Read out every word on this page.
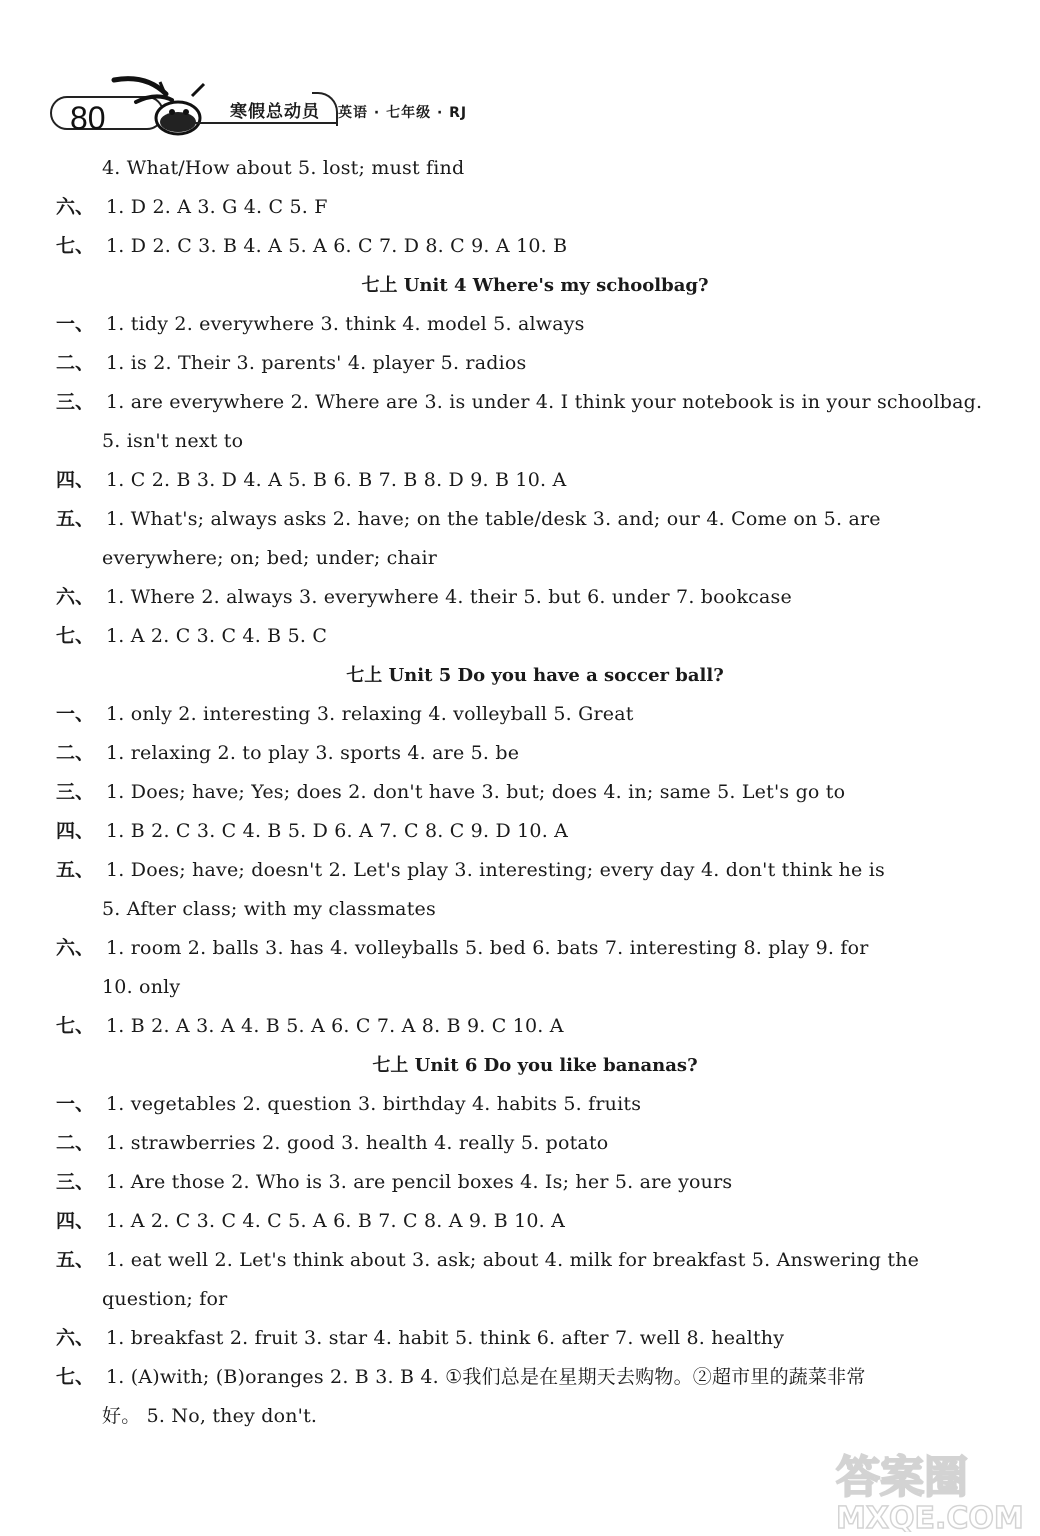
80	寒假总动员 英语 · 七年级 · RJ
4. What/How about 5. lost; must find
六、 1. D 2. A 3. G 4. C 5. F
七、 1. D 2. C 3. B 4. A 5. A 6. C 7. D 8. C 9. A 10. B
七上 Unit 4 Where's my schoolbag?
一、 1. tidy 2. everywhere 3. think 4. model 5. always
二、 1. is 2. Their 3. parents' 4. player 5. radios
三、 1. are everywhere 2. Where are 3. is under 4. I think your notebook is in your schoolbag.
5. isn't next to
四、 1. C 2. B 3. D 4. A 5. B 6. B 7. B 8. D 9. B 10. A
五、 1. What's; always asks 2. have; on the table/desk 3. and; our 4. Come on 5. are
everywhere; on; bed; under; chair
六、 1. Where 2. always 3. everywhere 4. their 5. but 6. under 7. bookcase
七、 1. A 2. C 3. C 4. B 5. C
七上 Unit 5 Do you have a soccer ball?
一、 1. only 2. interesting 3. relaxing 4. volleyball 5. Great
二、 1. relaxing 2. to play 3. sports 4. are 5. be
三、 1. Does; have; Yes; does 2. don't have 3. but; does 4. in; same 5. Let's go to
四、 1. B 2. C 3. C 4. B 5. D 6. A 7. C 8. C 9. D 10. A
五、 1. Does; have; doesn't 2. Let's play 3. interesting; every day 4. don't think he is
5. After class; with my classmates
六、 1. room 2. balls 3. has 4. volleyballs 5. bed 6. bats 7. interesting 8. play 9. for
10. only
七、 1. B 2. A 3. A 4. B 5. A 6. C 7. A 8. B 9. C 10. A
七上 Unit 6 Do you like bananas?
一、 1. vegetables 2. question 3. birthday 4. habits 5. fruits
二、 1. strawberries 2. good 3. health 4. really 5. potato
三、 1. Are those 2. Who is 3. are pencil boxes 4. Is; her 5. are yours
四、 1. A 2. C 3. C 4. C 5. A 6. B 7. C 8. A 9. B 10. A
五、 1. eat well 2. Let's think about 3. ask; about 4. milk for breakfast 5. Answering the
question; for
六、 1. breakfast 2. fruit 3. star 4. habit 5. think 6. after 7. well 8. healthy
七、 1. (A)with; (B)oranges 2. B 3. B 4. ①我们总是在星期天去购物。②超市里的蔬菜非常
好。 5. No, they don't.
答案圈
MXQE.COM
